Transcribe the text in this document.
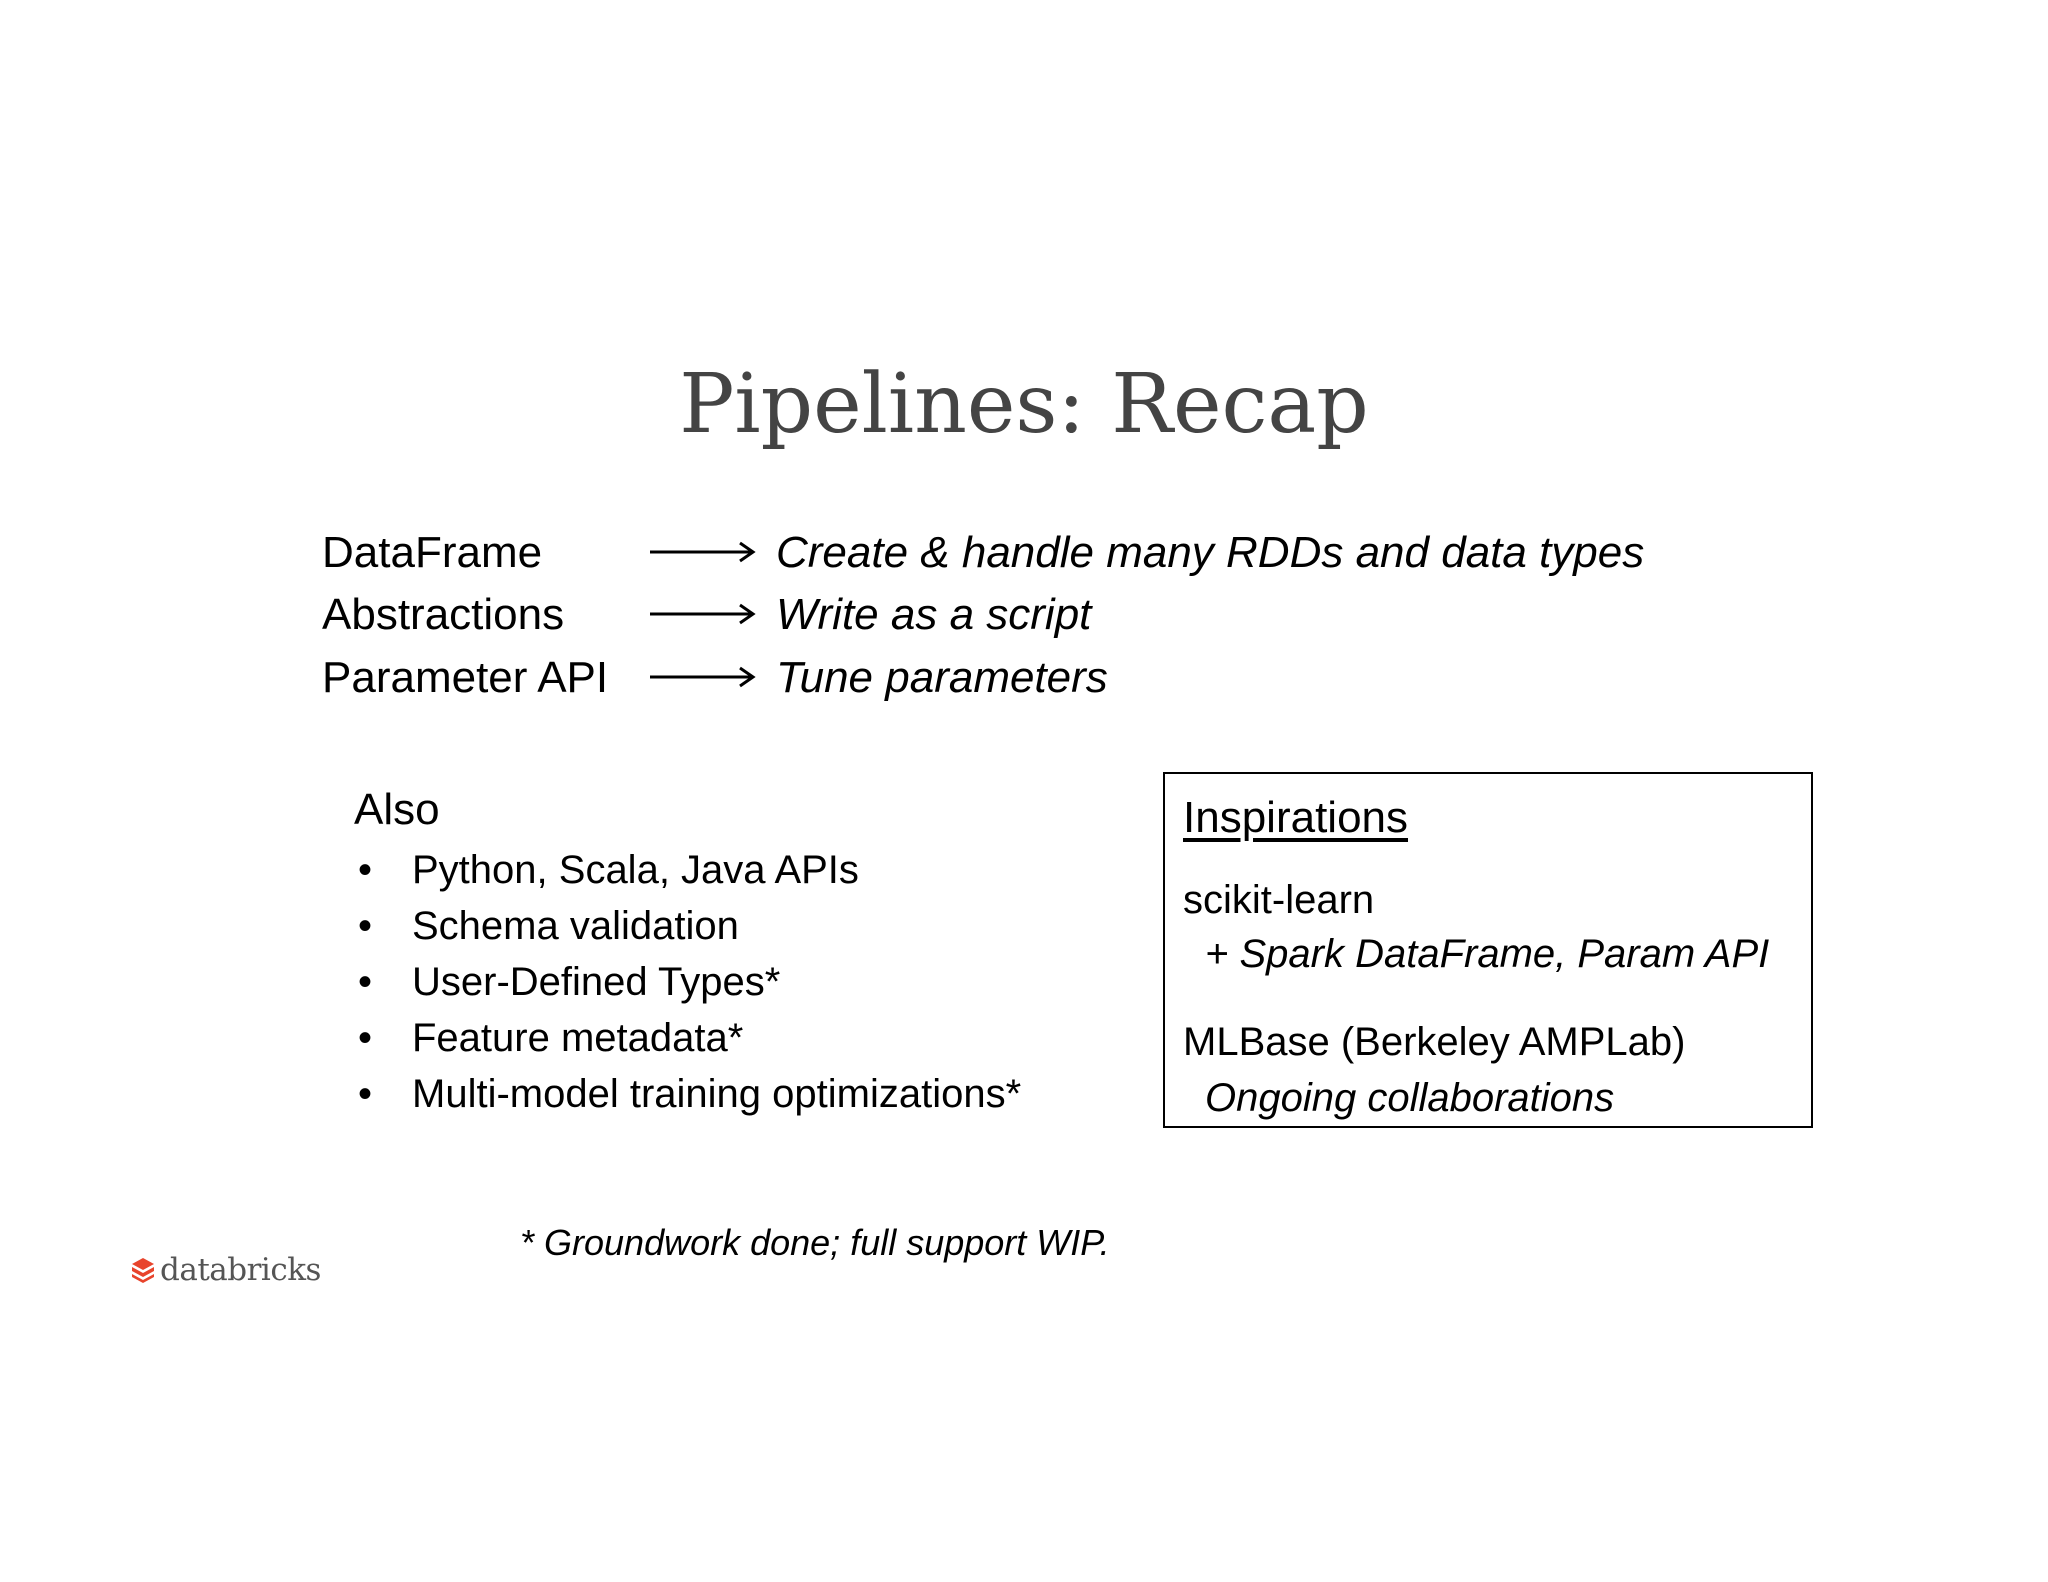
Pipelines: Recap
DataFrame	Create & handle many RDDs and data types
Abstractions	Write as a script
Parameter API	Tune parameters
Also
• Python, Scala, Java APIs
• Schema validation
• User-Defined Types*
• Feature metadata*
• Multi-model training optimizations*
Inspirations
scikit-learn
+ Spark DataFrame, Param API
MLBase (Berkeley AMPLab)
Ongoing collaborations
* Groundwork done; full support WIP.
databricks
